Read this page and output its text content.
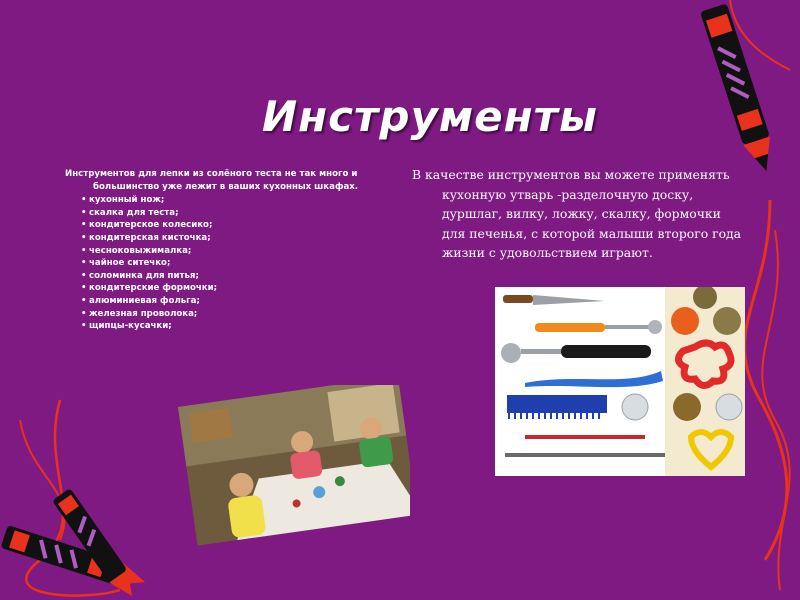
Инструменты

Инструментов для лепки из солёного теста не так много и большинство уже лежит в ваших кухонных шкафах.

• кухонный нож;
• скалка для теста;
• кондитерское колесико;
• кондитерская кисточка;
• чесноковыжималка;
• чайное ситечко;
• соломинка для питья;
• кондитерские формочки;
• алюминиевая фольга;
• железная проволока;
• щипцы-кусачки;
В качестве инструментов вы можете применять кухонную утварь -разделочную доску, дуршлаг, вилку, ложку, скалку, формочки для печенья, с которой малыши второго года жизни с удовольствием играют.
